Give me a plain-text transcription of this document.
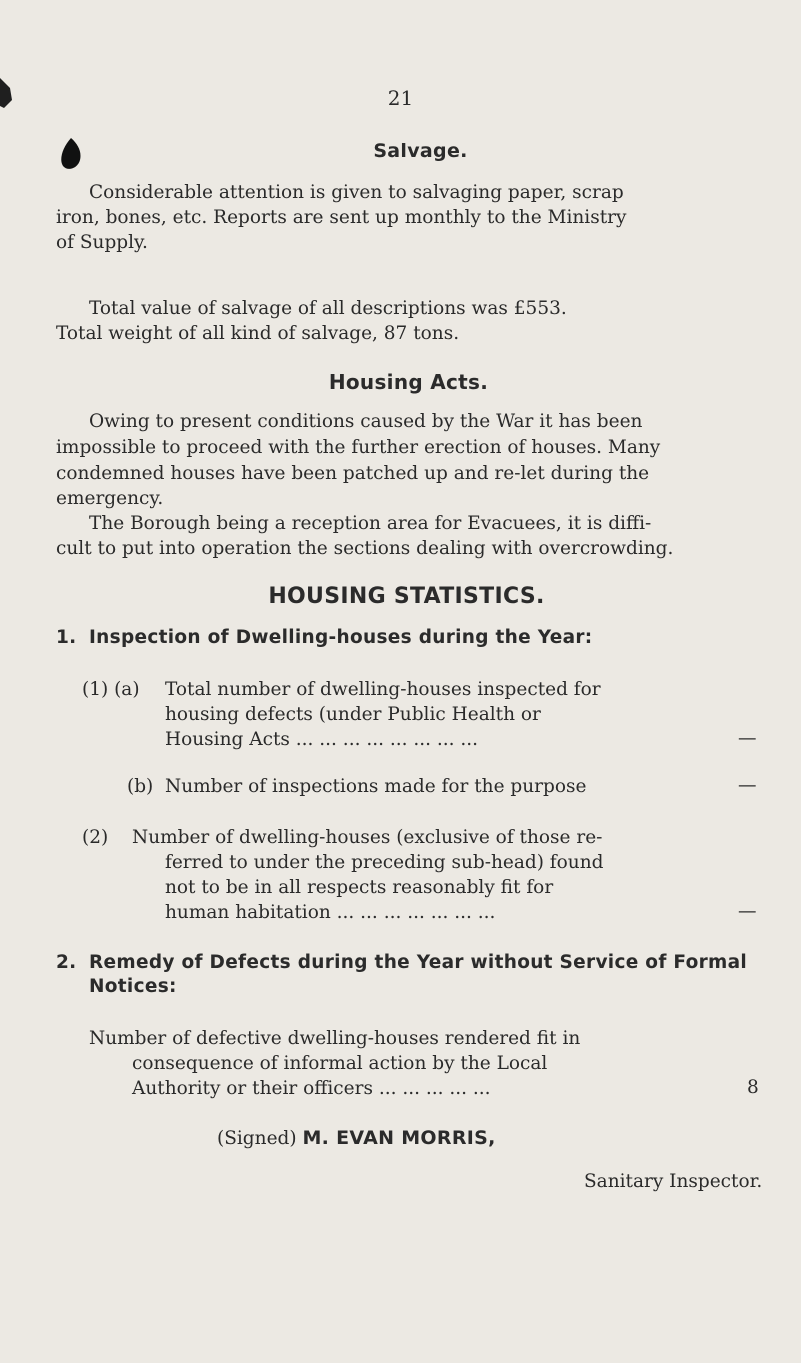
21
Salvage.
Considerable attention is given to salvaging paper, scrap
iron, bones, etc. Reports are sent up monthly to the Ministry
of Supply.
Total value of salvage of all descriptions was £553.
Total weight of all kind of salvage, 87 tons.
Housing Acts.
Owing to present conditions caused by the War it has been
impossible to proceed with the further erection of houses. Many
condemned houses have been patched up and re-let during the
emergency.
The Borough being a reception area for Evacuees, it is diffi-
cult to put into operation the sections dealing with overcrowding.
HOUSING STATISTICS.
1. Inspection of Dwelling-houses during the Year:
(1) (a) Total number of dwelling-houses inspected for
housing defects (under Public Health or
Housing Acts ... ... ... ... ... ... ... ...	—
(b) Number of inspections made for the purpose	—
(2) Number of dwelling-houses (exclusive of those re-
ferred to under the preceding sub-head) found
not to be in all respects reasonably fit for
human habitation ... ... ... ... ... ... ...	—
2. Remedy of Defects during the Year without Service of Formal
Notices:
Number of defective dwelling-houses rendered fit in
consequence of informal action by the Local
Authority or their officers ... ... ... ... ...	8
(Signed) M. EVAN MORRIS,
Sanitary Inspector.
